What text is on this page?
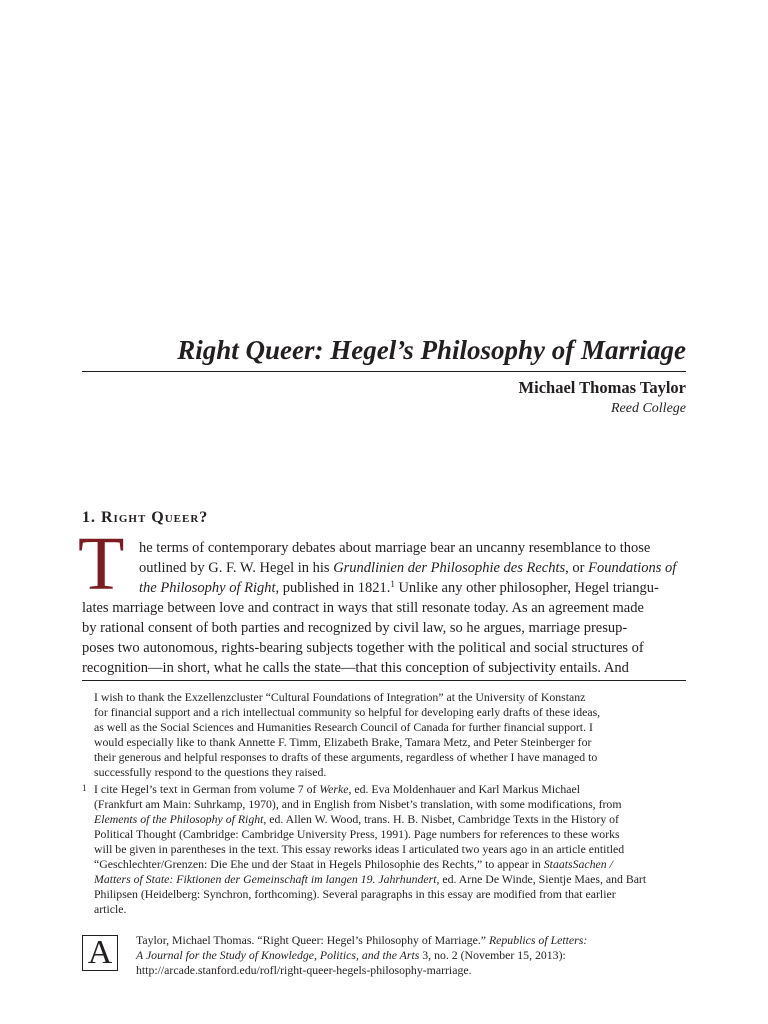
Right Queer: Hegel’s Philosophy of Marriage
Michael Thomas Taylor
Reed College
1. Right Queer?
T he terms of contemporary debates about marriage bear an uncanny resemblance to those

outlined by G. F. W. Hegel in his Grundlinien der Philosophie des Rechts, or Foundations of

the Philosophy of Right, published in 1821.$^1$ Unlike any other philosopher, Hegel triangu-

lates marriage between love and contract in ways that still resonate today. As an agreement made

by rational consent of both parties and recognized by civil law, so he argues, marriage presup-

poses two autonomous, rights-bearing subjects together with the political and social structures of

recognition—in short, what he calls the state—that this conception of subjectivity entails. And

I wish to thank the Exzellenzcluster “Cultural Foundations of Integration” at the University of Konstanz
for financial support and a rich intellectual community so helpful for developing early drafts of these ideas,
as well as the Social Sciences and Humanities Research Council of Canada for further financial support. I
would especially like to thank Annette F. Timm, Elizabeth Brake, Tamara Metz, and Peter Steinberger for
their generous and helpful responses to drafts of these arguments, regardless of whether I have managed to
successfully respond to the questions they raised.
1 I cite Hegel’s text in German from volume 7 of Werke, ed. Eva Moldenhauer and Karl Markus Michael
(Frankfurt am Main: Suhrkamp, 1970), and in English from Nisbet’s translation, with some modifications, from
Elements of the Philosophy of Right, ed. Allen W. Wood, trans. H. B. Nisbet, Cambridge Texts in the History of
Political Thought (Cambridge: Cambridge University Press, 1991). Page numbers for references to these works
will be given in parentheses in the text. This essay reworks ideas I articulated two years ago in an article entitled
“Geschlechter/Grenzen: Die Ehe und der Staat in Hegels Philosophie des Rechts,” to appear in StaatsSachen /
Matters of State: Fiktionen der Gemeinschaft im langen 19. Jahrhundert, ed. Arne De Winde, Sientje Maes, and Bart
Philipsen (Heidelberg: Synchron, forthcoming). Several paragraphs in this essay are modified from that earlier
article.
A Taylor, Michael Thomas. “Right Queer: Hegel’s Philosophy of Marriage.” Republics of Letters:
A Journal for the Study of Knowledge, Politics, and the Arts 3, no. 2 (November 15, 2013):
http://arcade.stanford.edu/rofl/right-queer-hegels-philosophy-marriage.
